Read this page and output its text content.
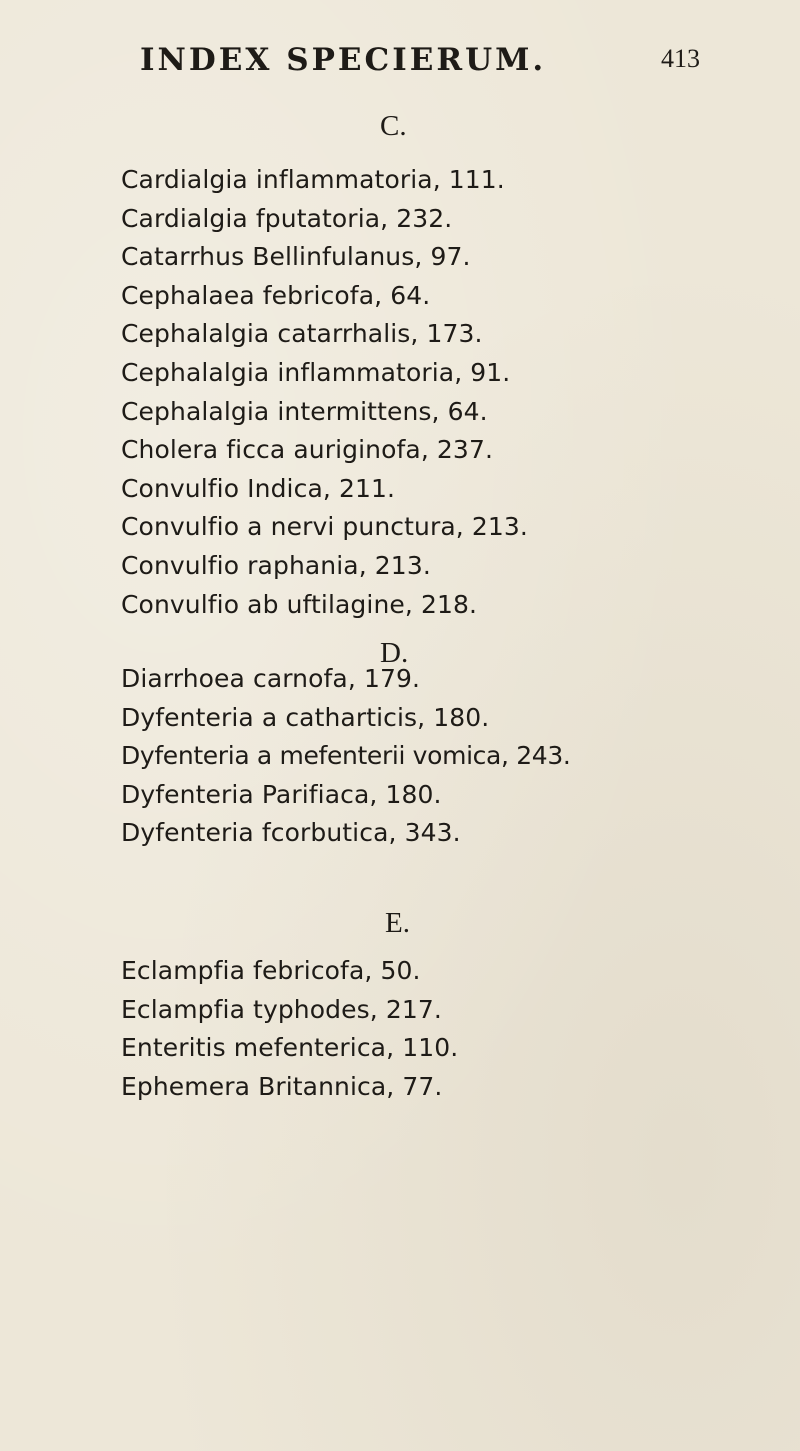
INDEX SPECIERUM.	413
C.
Cardialgia inflammatoria, 111.
Cardialgia fputatoria, 232.
Catarrhus Bellinfulanus, 97.
Cephalaea febricofa, 64.
Cephalalgia catarrhalis, 173.
Cephalalgia inflammatoria, 91.
Cephalalgia intermittens, 64.
Cholera ficca auriginofa, 237.
Convulfio Indica, 211.
Convulfio a nervi punctura, 213.
Convulfio raphania, 213.
Convulfio ab uftilagine, 218.
D.
Diarrhoea carnofa, 179.
Dyfenteria a catharticis, 180.
Dyfenteria a mefenterii vomica, 243.
Dyfenteria Parifiaca, 180.
Dyfenteria fcorbutica, 343.
E.
Eclampfia febricofa, 50.
Eclampfia typhodes, 217.
Enteritis mefenterica, 110.
Ephemera Britannica, 77.
